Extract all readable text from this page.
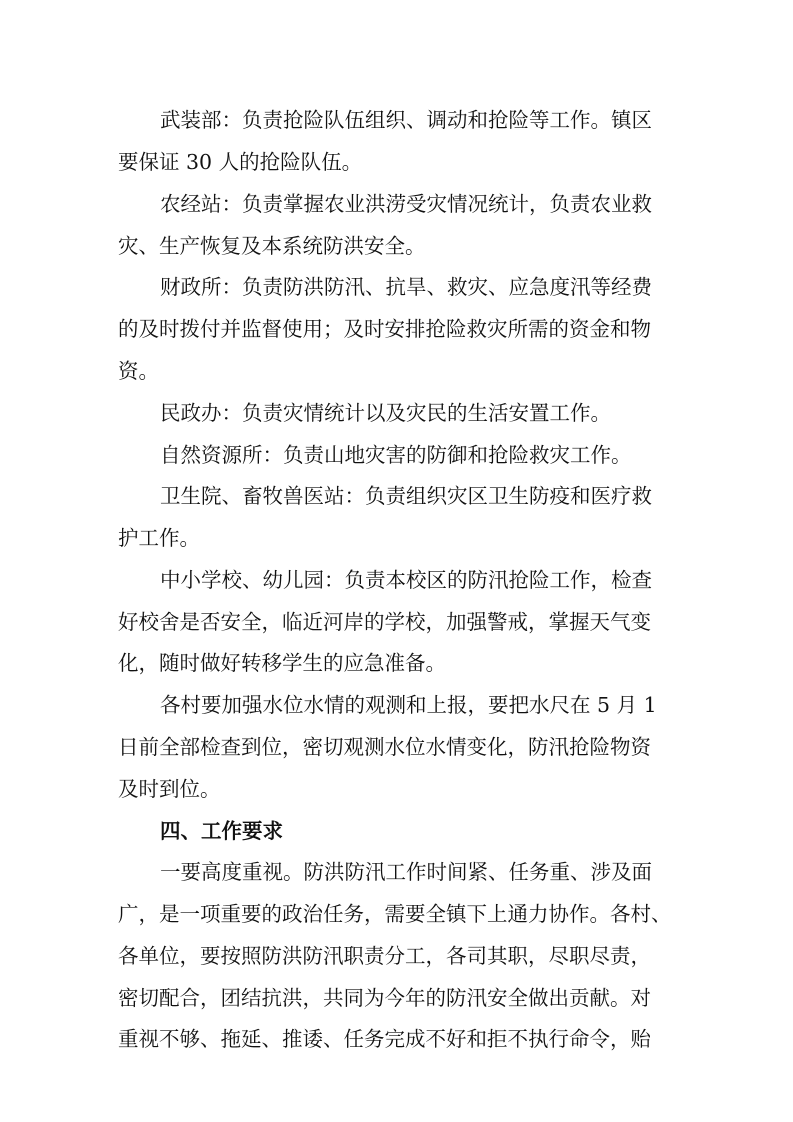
武装部：负责抢险队伍组织、调动和抢险等工作。镇区
要保证 30 人的抢险队伍。
农经站：负责掌握农业洪涝受灾情况统计，负责农业救
灾、生产恢复及本系统防洪安全。
财政所：负责防洪防汛、抗旱、救灾、应急度汛等经费
的及时拨付并监督使用；及时安排抢险救灾所需的资金和物
资。
民政办：负责灾情统计以及灾民的生活安置工作。
自然资源所：负责山地灾害的防御和抢险救灾工作。
卫生院、畜牧兽医站：负责组织灾区卫生防疫和医疗救
护工作。
中小学校、幼儿园：负责本校区的防汛抢险工作，检查
好校舍是否安全，临近河岸的学校，加强警戒，掌握天气变
化，随时做好转移学生的应急准备。
各村要加强水位水情的观测和上报，要把水尺在 5 月 1
日前全部检查到位，密切观测水位水情变化，防汛抢险物资
及时到位。
四、工作要求
一要高度重视。防洪防汛工作时间紧、任务重、涉及面
广，是一项重要的政治任务，需要全镇下上通力协作。各村、
各单位，要按照防洪防汛职责分工，各司其职，尽职尽责，
密切配合，团结抗洪，共同为今年的防汛安全做出贡献。对
重视不够、拖延、推诿、任务完成不好和拒不执行命令，贻
